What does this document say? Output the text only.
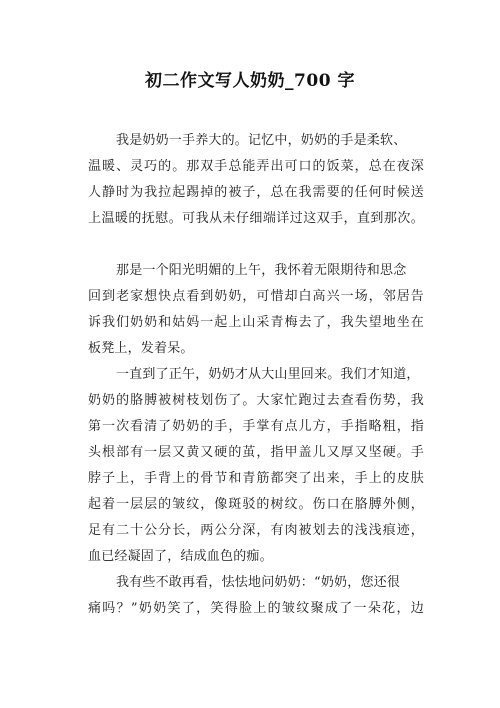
初二作文写人奶奶_700 字
我是奶奶一手养大的。记忆中，奶奶的手是柔软、
温暖、灵巧的。那双手总能弄出可口的饭菜，总在夜深
人静时为我拉起踢掉的被子，总在我需要的任何时候送
上温暖的抚慰。可我从未仔细端详过这双手，直到那次。
那是一个阳光明媚的上午，我怀着无限期待和思念
回到老家想快点看到奶奶，可惜却白高兴一场，邻居告
诉我们奶奶和姑妈一起上山采青梅去了，我失望地坐在
板凳上，发着呆。
一直到了正午，奶奶才从大山里回来。我们才知道，
奶奶的胳膊被树枝划伤了。大家忙跑过去查看伤势，我
第一次看清了奶奶的手，手掌有点儿方，手指略粗，指
头根部有一层又黄又硬的茧，指甲盖儿又厚又坚硬。手
脖子上，手背上的骨节和青筋都突了出来，手上的皮肤
起着一层层的皱纹，像斑驳的树纹。伤口在胳膊外侧，
足有二十公分长，两公分深，有肉被划去的浅浅痕迹，
血已经凝固了，结成血色的痂。
我有些不敢再看，怯怯地问奶奶：“奶奶，您还很
痛吗？”奶奶笑了，笑得脸上的皱纹聚成了一朵花，边
